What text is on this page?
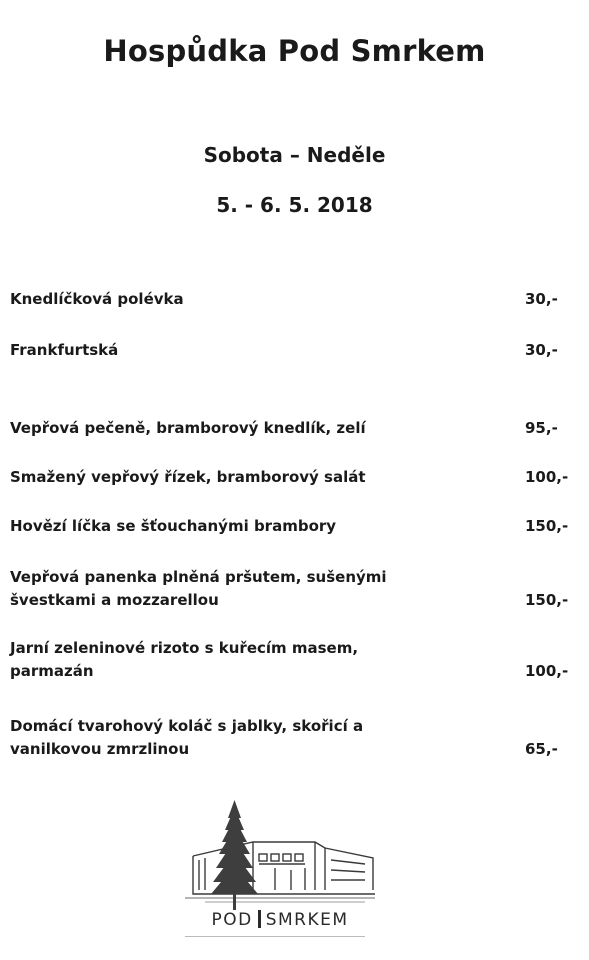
Hospůdka Pod Smrkem
Sobota – Neděle
5. - 6. 5. 2018
Knedlíčková polévka	30,-
Frankfurtská	30,-
Vepřová pečeně, bramborový knedlík, zelí	95,-
Smažený vepřový řízek, bramborový salát	100,-
Hovězí líčka se šťouchanými brambory	150,-
Vepřová panenka plněná pršutem, sušenými
švestkami a mozzarellou	150,-
Jarní zeleninové rizoto s kuřecím masem, parmazán	100,-
Domácí tvarohový koláč s jablky, skořicí a
vanilkovou zmrzlinou	65,-
POD SMRKEM
